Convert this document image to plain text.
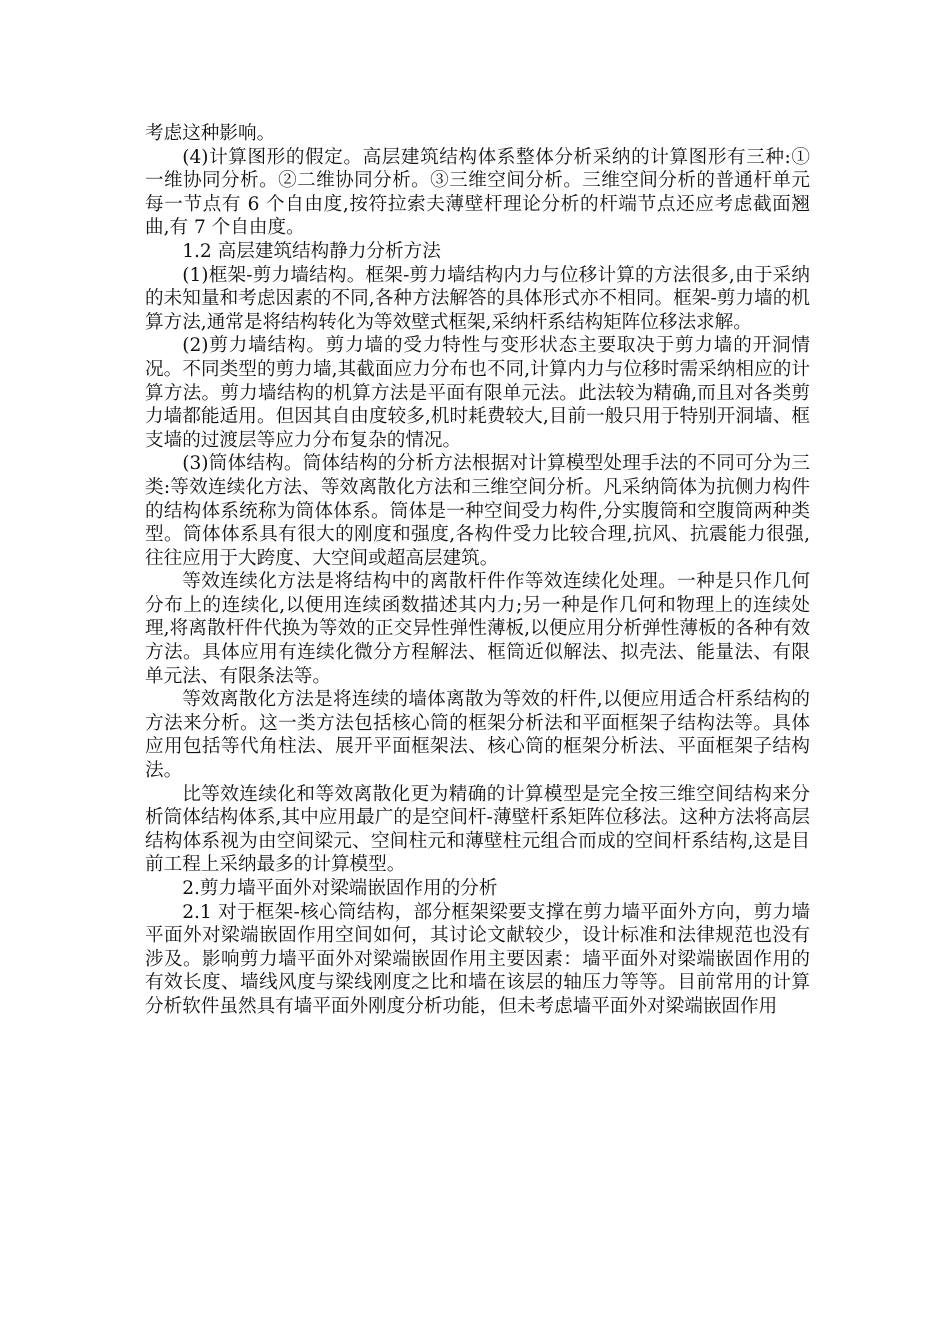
考虑这种影响。

(4)计算图形的假定。高层建筑结构体系整体分析采纳的计算图形有三种:① 一维协同分析。②二维协同分析。③三维空间分析。三维空间分析的普通杆单元每一节点有 6 个自由度,按符拉索夫薄壁杆理论分析的杆端节点还应考虑截面翘曲,有 7 个自由度。

1.2 高层建筑结构静力分析方法

(1)框架-剪力墙结构。框架-剪力墙结构内力与位移计算的方法很多,由于采纳的未知量和考虑因素的不同,各种方法解答的具体形式亦不相同。框架-剪力墙的机算方法,通常是将结构转化为等效壁式框架,采纳杆系结构矩阵位移法求解。

(2)剪力墙结构。剪力墙的受力特性与变形状态主要取决于剪力墙的开洞情况。不同类型的剪力墙,其截面应力分布也不同,计算内力与位移时需采纳相应的计算方法。剪力墙结构的机算方法是平面有限单元法。此法较为精确,而且对各类剪力墙都能适用。但因其自由度较多,机时耗费较大,目前一般只用于特别开洞墙、框支墙的过渡层等应力分布复杂的情况。

(3)筒体结构。筒体结构的分析方法根据对计算模型处理手法的不同可分为三类:等效连续化方法、等效离散化方法和三维空间分析。凡采纳筒体为抗侧力构件的结构体系统称为筒体体系。筒体是一种空间受力构件,分实腹筒和空腹筒两种类型。筒体体系具有很大的刚度和强度,各构件受力比较合理,抗风、抗震能力很强,往往应用于大跨度、大空间或超高层建筑。

等效连续化方法是将结构中的离散杆件作等效连续化处理。一种是只作几何分布上的连续化,以便用连续函数描述其内力;另一种是作几何和物理上的连续处理,将离散杆件代换为等效的正交异性弹性薄板,以便应用分析弹性薄板的各种有效方法。具体应用有连续化微分方程解法、框筒近似解法、拟壳法、能量法、有限单元法、有限条法等。

等效离散化方法是将连续的墙体离散为等效的杆件,以便应用适合杆系结构的方法来分析。这一类方法包括核心筒的框架分析法和平面框架子结构法等。具体应用包括等代角柱法、展开平面框架法、核心筒的框架分析法、平面框架子结构法。

比等效连续化和等效离散化更为精确的计算模型是完全按三维空间结构来分析筒体结构体系,其中应用最广的是空间杆-薄壁杆系矩阵位移法。这种方法将高层结构体系视为由空间梁元、空间柱元和薄壁柱元组合而成的空间杆系结构,这是目前工程上采纳最多的计算模型。

2.剪力墙平面外对梁端嵌固作用的分析

2.1 对于框架-核心筒结构，部分框架梁要支撑在剪力墙平面外方向，剪力墙平面外对梁端嵌固作用空间如何，其讨论文献较少，设计标准和法律规范也没有涉及。影响剪力墙平面外对梁端嵌固作用主要因素：墙平面外对梁端嵌固作用的有效长度、墙线风度与梁线刚度之比和墙在该层的轴压力等等。目前常用的计算分析软件虽然具有墙平面外刚度分析功能，但未考虑墙平面外对梁端嵌固作用
